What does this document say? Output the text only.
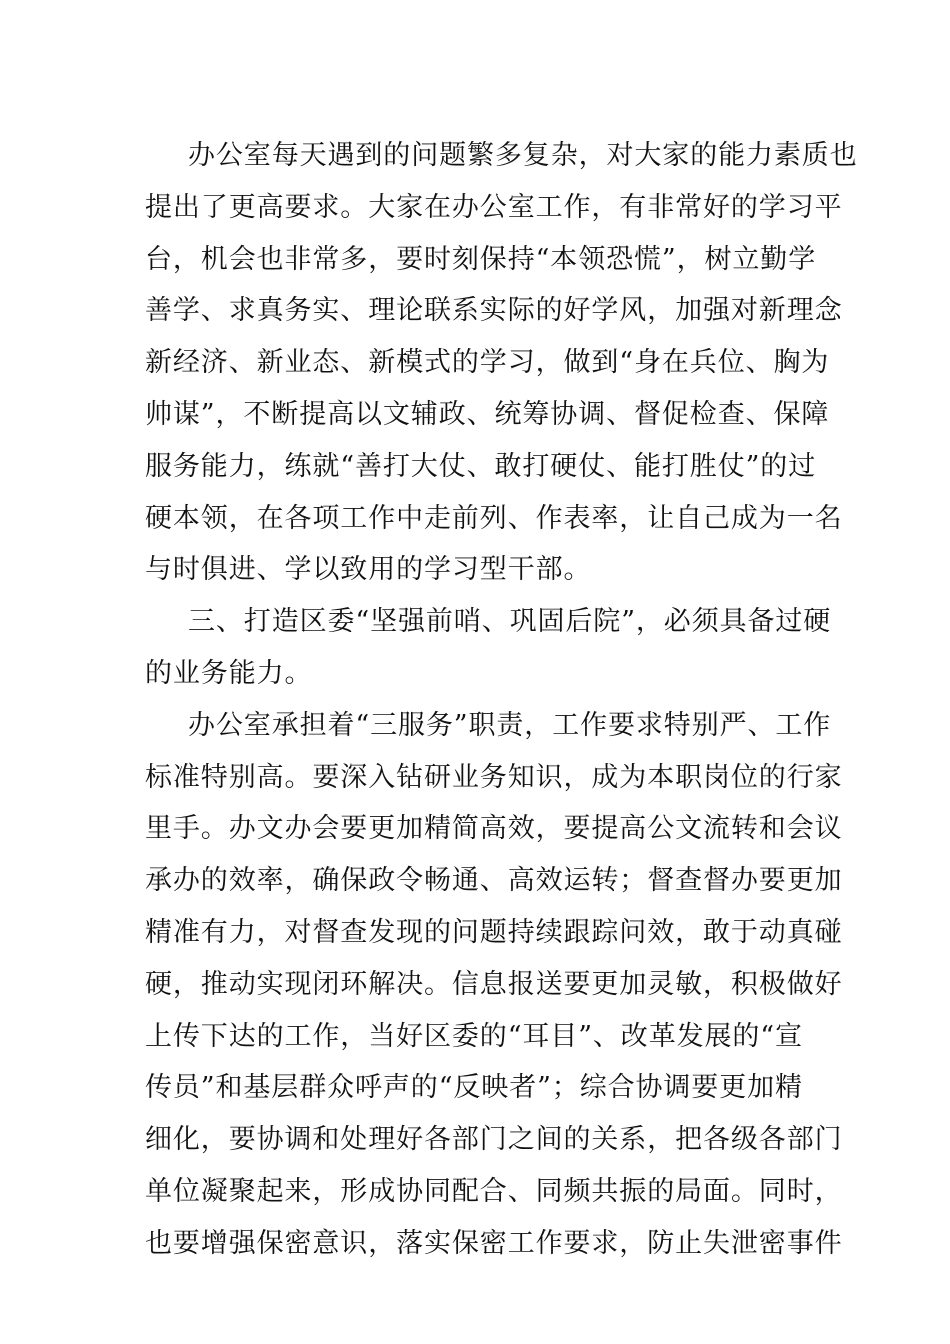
办公室每天遇到的问题繁多复杂，对大家的能力素质也
提出了更高要求。大家在办公室工作，有非常好的学习平
台，机会也非常多，要时刻保持“本领恐慌”，树立勤学
善学、求真务实、理论联系实际的好学风，加强对新理念
新经济、新业态、新模式的学习，做到“身在兵位、胸为
帅谋”，不断提高以文辅政、统筹协调、督促检查、保障
服务能力，练就“善打大仗、敢打硬仗、能打胜仗”的过
硬本领，在各项工作中走前列、作表率，让自己成为一名
与时俱进、学以致用的学习型干部。
三、打造区委“坚强前哨、巩固后院”，必须具备过硬
的业务能力。
办公室承担着“三服务”职责，工作要求特别严、工作
标准特别高。要深入钻研业务知识，成为本职岗位的行家
里手。办文办会要更加精简高效，要提高公文流转和会议
承办的效率，确保政令畅通、高效运转；督查督办要更加
精准有力，对督查发现的问题持续跟踪问效，敢于动真碰
硬，推动实现闭环解决。信息报送要更加灵敏，积极做好
上传下达的工作，当好区委的“耳目”、改革发展的“宣
传员”和基层群众呼声的“反映者”；综合协调要更加精
细化，要协调和处理好各部门之间的关系，把各级各部门
单位凝聚起来，形成协同配合、同频共振的局面。同时，
也要增强保密意识，落实保密工作要求，防止失泄密事件
